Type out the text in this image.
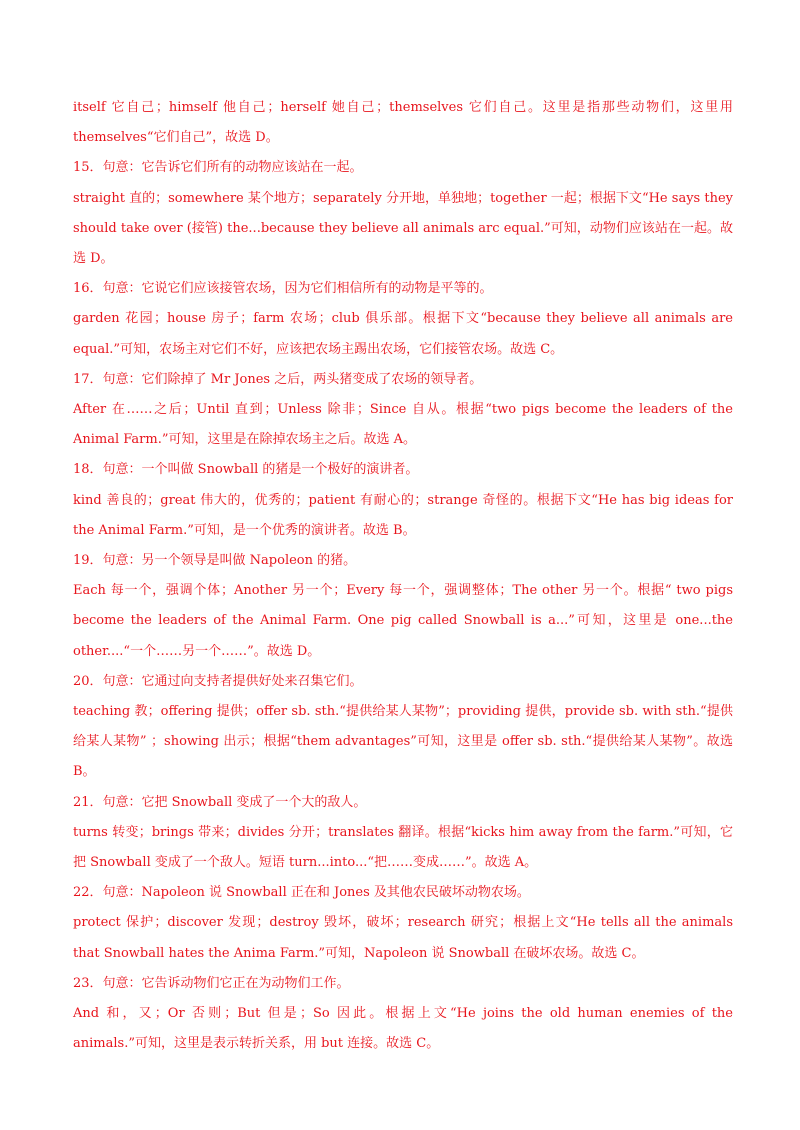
itself 它自己；himself 他自己；herself 她自己；themselves 它们自己。这里是指那些动物们，这里用 themselves“它们自己”，故选 D。

15．句意：它告诉它们所有的动物应该站在一起。

straight 直的；somewhere 某个地方；separately 分开地，单独地；together 一起；根据下文“He says they should take over (接管) the...because they believe all animals arc equal.”可知，动物们应该站在一起。故选 D。

16．句意：它说它们应该接管农场，因为它们相信所有的动物是平等的。

garden 花园；house 房子；farm 农场；club 俱乐部。根据下文“because they believe all animals are equal.”可知，农场主对它们不好，应该把农场主踢出农场，它们接管农场。故选 C。

17．句意：它们除掉了 Mr Jones 之后，两头猪变成了农场的领导者。

After 在……之后；Until 直到；Unless 除非；Since 自从。根据“two pigs become the leaders of the Animal Farm.”可知，这里是在除掉农场主之后。故选 A。

18．句意：一个叫做 Snowball 的猪是一个极好的演讲者。

kind 善良的；great 伟大的，优秀的；patient 有耐心的；strange 奇怪的。根据下文“He has big ideas for the Animal Farm.”可知，是一个优秀的演讲者。故选 B。

19．句意：另一个领导是叫做 Napoleon 的猪。

Each 每一个，强调个体；Another 另一个；Every 每一个，强调整体；The other 另一个。根据“ two pigs become the leaders of the Animal Farm. One pig called Snowball is a...”可知，这里是 one...the other....“一个……另一个……”。故选 D。

20．句意：它通过向支持者提供好处来召集它们。

teaching 教；offering 提供；offer sb. sth.“提供给某人某物”；providing 提供，provide sb. with sth.“提供给某人某物” ；showing 出示；根据“them advantages”可知，这里是 offer sb. sth.“提供给某人某物”。故选 B。

21．句意：它把 Snowball 变成了一个大的敌人。

turns 转变；brings 带来；divides 分开；translates 翻译。根据“kicks him away from the farm.”可知，它把 Snowball 变成了一个敌人。短语 turn...into...“把……变成……”。故选 A。

22．句意：Napoleon 说 Snowball 正在和 Jones 及其他农民破坏动物农场。

protect 保护；discover 发现；destroy 毁坏，破坏；research 研究；根据上文“He tells all the animals that Snowball hates the Anima Farm.”可知，Napoleon 说 Snowball 在破坏农场。故选 C。

23．句意：它告诉动物们它正在为动物们工作。

And 和，又；Or 否则；But 但是；So 因此。根据上文“He joins the old human enemies of the animals.”可知，这里是表示转折关系，用 but 连接。故选 C。
